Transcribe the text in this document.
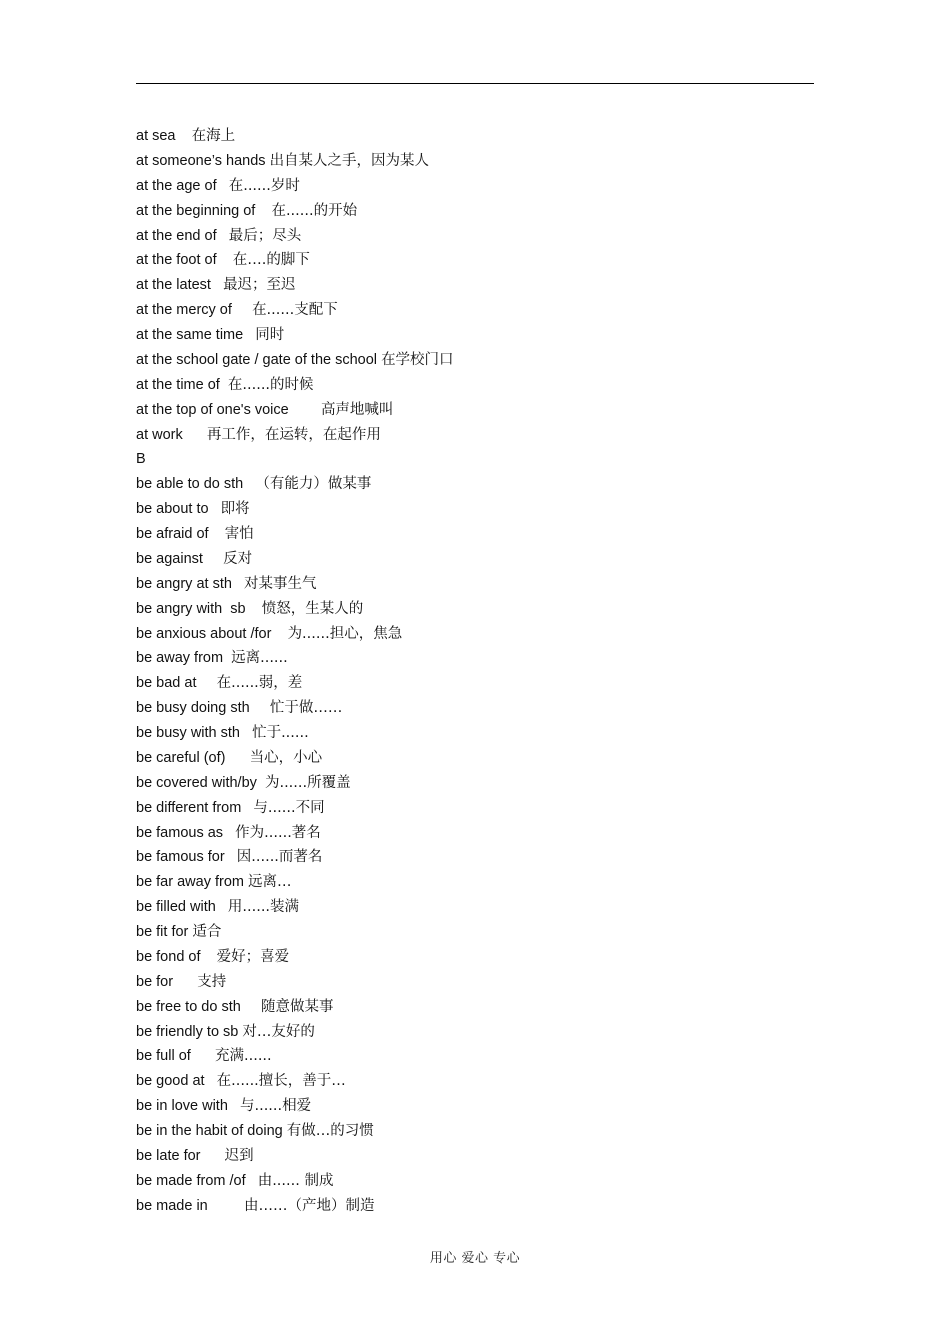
at sea 在海上
at someone’s hands 出自某人之手，因为某人
at the age of 在......岁时
at the beginning of 在......的开始
at the end of 最后；尽头
at the foot of 在….的脚下
at the latest 最迟；至迟
at the mercy of 在......支配下
at the same time 同时
at the school gate / gate of the school 在学校门口
at the time of 在......的时候
at the top of one's voice 高声地喊叫
at work 再工作，在运转，在起作用
B
be able to do sth （有能力）做某事
be about to 即将
be afraid of 害怕
be against 反对
be angry at sth 对某事生气
be angry with  sb 愤怒，生某人的
be anxious about /for 为......担心，焦急
be away from 远离......
be bad at 在......弱，差
be busy doing sth 忙于做……
be busy with sth 忙于......
be careful (of) 当心，小心
be covered with/by 为......所覆盖
be different from 与......不同
be famous as 作为......著名
be famous for 因......而著名
be far away from 远离…
be filled with 用......装满
be fit for 适合
be fond of 爱好；喜爱
be for 支持
be free to do sth 随意做某事
be friendly to sb 对…友好的
be full of 充满......
be good at 在......擅长，善于…
be in love with 与......相爱
be in the habit of doing 有做…的习惯
be late for 迟到
be made from /of 由...... 制成
be made in	由……（产地）制造
用心 爱心 专心
